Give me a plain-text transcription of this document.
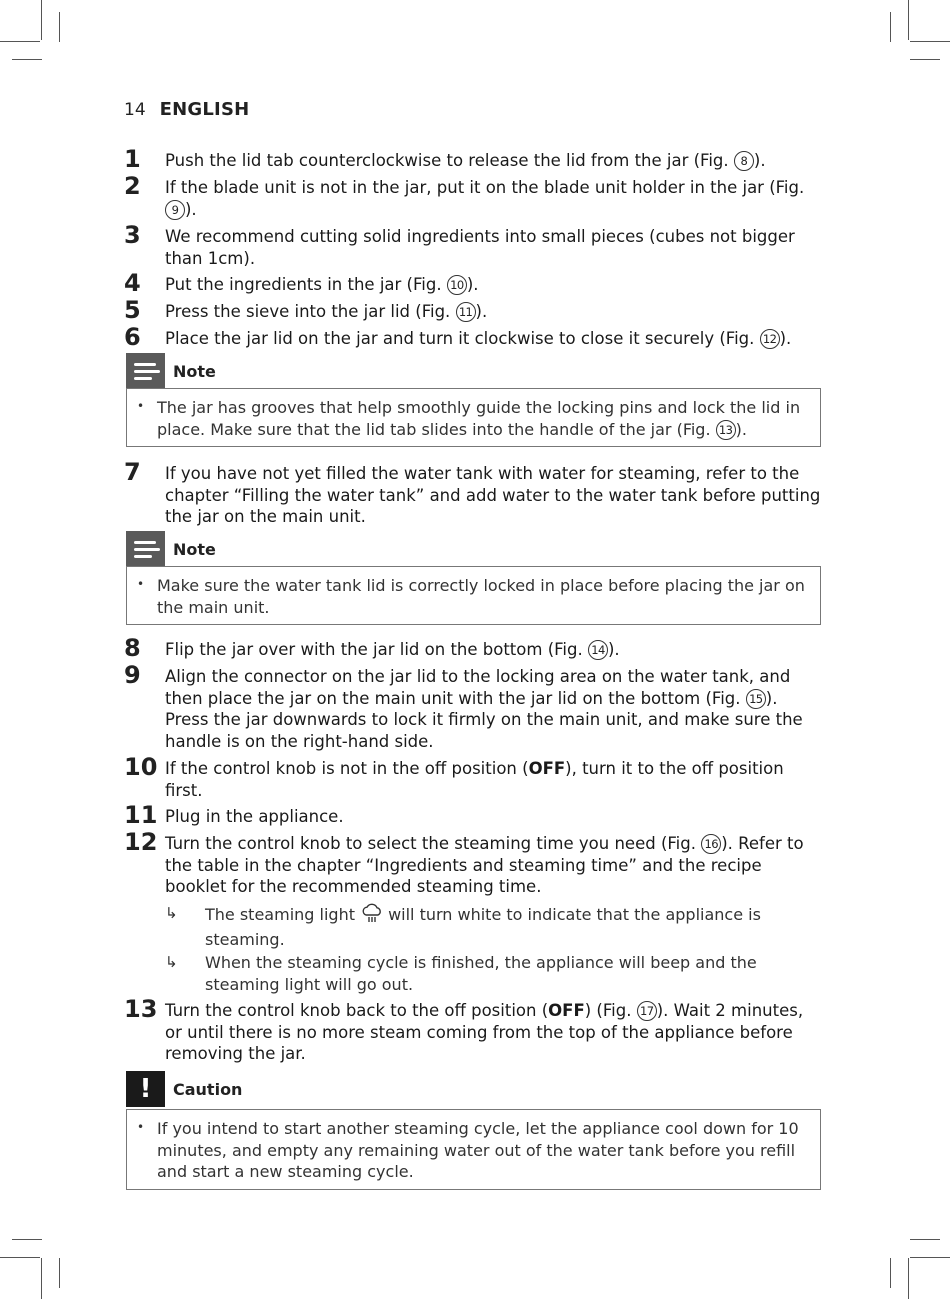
14 ENGLISH
1 Push the lid tab counterclockwise to release the lid from the jar (Fig. 8 ).
2 If the blade unit is not in the jar, put it on the blade unit holder in the jar (Fig. 9 ).
3 We recommend cutting solid ingredients into small pieces (cubes not bigger than 1cm).
4 Put the ingredients in the jar (Fig. 10 ).
5 Press the sieve into the jar lid (Fig. 11 ).
6 Place the jar lid on the jar and turn it clockwise to close it securely (Fig. 12 ).
Note
• The jar has grooves that help smoothly guide the locking pins and lock the lid in place. Make sure that the lid tab slides into the handle of the jar (Fig. 13 ).
7 If you have not yet filled the water tank with water for steaming, refer to the chapter “Filling the water tank” and add water to the water tank before putting the jar on the main unit.
Note
• Make sure the water tank lid is correctly locked in place before placing the jar on the main unit.
8 Flip the jar over with the jar lid on the bottom (Fig. 14 ).
9 Align the connector on the jar lid to the locking area on the water tank, and then place the jar on the main unit with the jar lid on the bottom (Fig. 15 ). Press the jar downwards to lock it firmly on the main unit, and make sure the handle is on the right-hand side.
10 If the control knob is not in the off position (OFF), turn it to the off position first.
11 Plug in the appliance.
12 Turn the control knob to select the steaming time you need (Fig. 16 ). Refer to the table in the chapter “Ingredients and steaming time” and the recipe booklet for the recommended steaming time.
↳ The steaming light will turn white to indicate that the appliance is steaming.
↳ When the steaming cycle is finished, the appliance will beep and the steaming light will go out.
13 Turn the control knob back to the off position (OFF) (Fig. 17 ). Wait 2 minutes, or until there is no more steam coming from the top of the appliance before removing the jar.
!	Caution
• If you intend to start another steaming cycle, let the appliance cool down for 10 minutes, and empty any remaining water out of the water tank before you refill and start a new steaming cycle.
